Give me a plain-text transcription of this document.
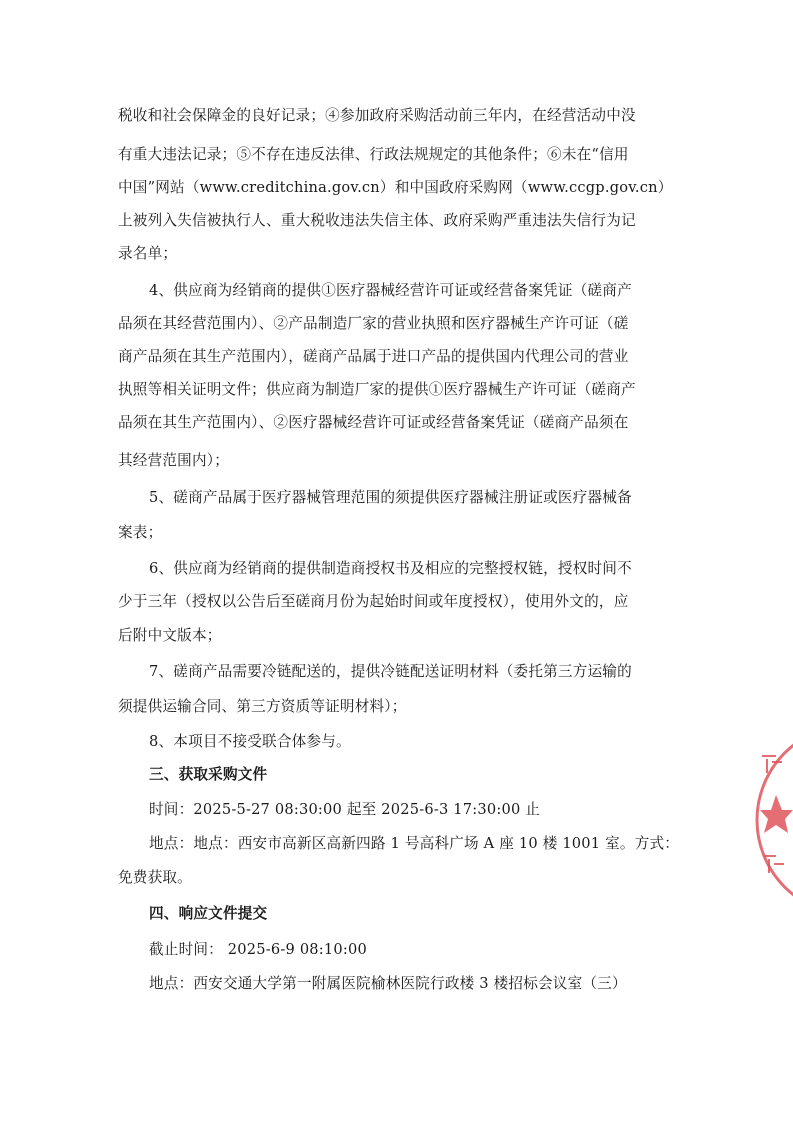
税收和社会保障金的良好记录；④参加政府采购活动前三年内，在经营活动中没
有重大违法记录；⑤不存在违反法律、行政法规规定的其他条件；⑥未在“信用
中国”网站（www.creditchina.gov.cn）和中国政府采购网（www.ccgp.gov.cn）
上被列入失信被执行人、重大税收违法失信主体、政府采购严重违法失信行为记
录名单；
4、供应商为经销商的提供①医疗器械经营许可证或经营备案凭证（磋商产
品须在其经营范围内）、②产品制造厂家的营业执照和医疗器械生产许可证（磋
商产品须在其生产范围内），磋商产品属于进口产品的提供国内代理公司的营业
执照等相关证明文件；供应商为制造厂家的提供①医疗器械生产许可证（磋商产
品须在其生产范围内）、②医疗器械经营许可证或经营备案凭证（磋商产品须在
其经营范围内）；
5、磋商产品属于医疗器械管理范围的须提供医疗器械注册证或医疗器械备
案表；
6、供应商为经销商的提供制造商授权书及相应的完整授权链，授权时间不
少于三年（授权以公告后至磋商月份为起始时间或年度授权），使用外文的，应
后附中文版本；
7、磋商产品需要冷链配送的，提供冷链配送证明材料（委托第三方运输的
须提供运输合同、第三方资质等证明材料）；
8、本项目不接受联合体参与。
三、获取采购文件
时间：2025-5-27 08:30:00 起至 2025-6-3 17:30:00 止
地点：地点：西安市高新区高新四路 1 号高科广场 A 座 10 楼 1001 室。方式：
免费获取。
四、响应文件提交
截止时间： 2025-6-9 08:10:00
地点：西安交通大学第一附属医院榆林医院行政楼 3 楼招标会议室（三）
